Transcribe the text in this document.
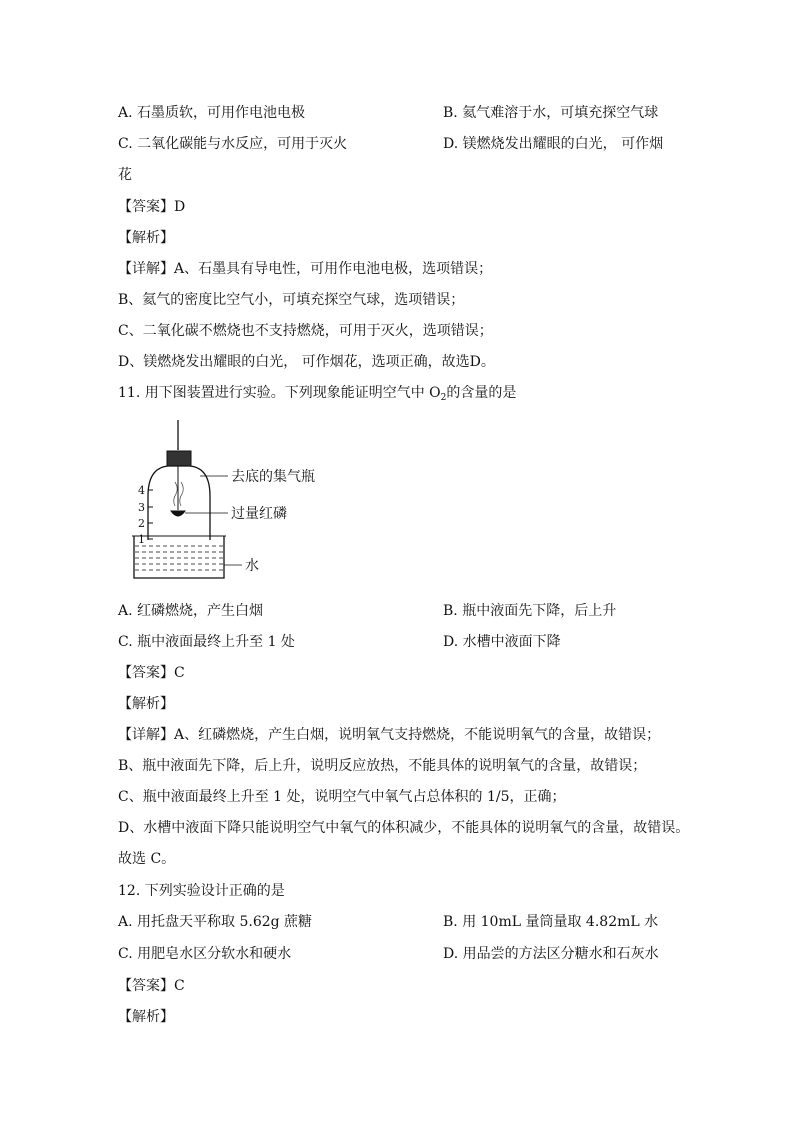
A. 石墨质软，可用作电池电极	B. 氦气难溶于水，可填充探空气球
C. 二氧化碳能与水反应，可用于灭火	D. 镁燃烧发出耀眼的白光， 可作烟
花
【答案】D
【解析】
【详解】A、石墨具有导电性，可用作电池电极，选项错误；
B、氦气的密度比空气小，可填充探空气球，选项错误；
C、二氧化碳不燃烧也不支持燃烧，可用于灭火，选项错误；
D、镁燃烧发出耀眼的白光， 可作烟花，选项正确，故选D。
11. 用下图装置进行实验。下列现象能证明空气中 $O_2$的含量的是
4
3
2
1
去底的集气瓶
过量红磷
水
A. 红磷燃烧，产生白烟	B. 瓶中液面先下降，后上升
C. 瓶中液面最终上升至 1 处	D. 水槽中液面下降
【答案】C
【解析】
【详解】A、红磷燃烧，产生白烟，说明氧气支持燃烧，不能说明氧气的含量，故错误；
B、瓶中液面先下降，后上升，说明反应放热，不能具体的说明氧气的含量，故错误；
C、瓶中液面最终上升至 1 处，说明空气中氧气占总体积的 1/5，正确；
D、水槽中液面下降只能说明空气中氧气的体积减少，不能具体的说明氧气的含量，故错误。
故选 C。
12. 下列实验设计正确的是
A. 用托盘天平称取 5.62g 蔗糖	B. 用 10mL 量筒量取 4.82mL 水
C. 用肥皂水区分软水和硬水	D. 用品尝的方法区分糖水和石灰水
【答案】C
【解析】
